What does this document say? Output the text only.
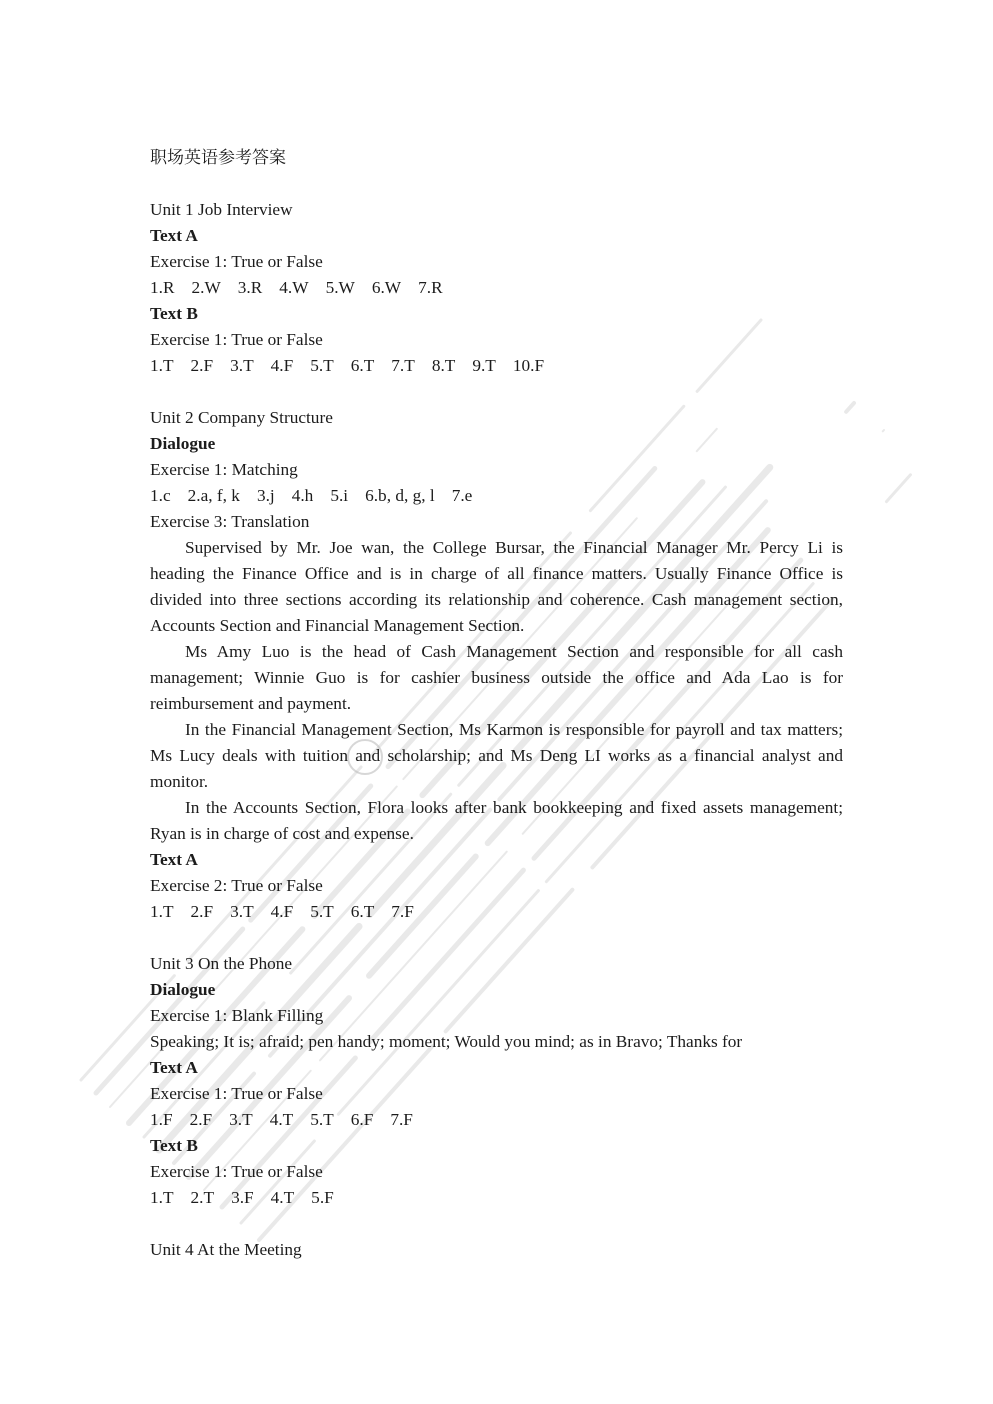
职场英语参考答案
Unit 1 Job Interview
Text A
Exercise 1: True or False
1.R 2.W 3.R 4.W 5.W 6.W 7.R
Text B
Exercise 1: True or False
1.T 2.F 3.T 4.F 5.T 6.T 7.T 8.T 9.T 10.F
Unit 2 Company Structure
Dialogue
Exercise 1: Matching
1.c 2.a, f, k 3.j 4.h 5.i 6.b, d, g, l 7.e
Exercise 3: Translation
Supervised by Mr. Joe wan, the College Bursar, the Financial Manager Mr. Percy Li is
heading the Finance Office and is in charge of all finance matters. Usually Finance Office is
divided into three sections according its relationship and coherence. Cash management section,
Accounts Section and Financial Management Section.
Ms Amy Luo is the head of Cash Management Section and responsible for all cash
management; Winnie Guo is for cashier business outside the office and Ada Lao is for
reimbursement and payment.
In the Financial Management Section, Ms Karmon is responsible for payroll and tax matters;
Ms Lucy deals with tuition and scholarship; and Ms Deng LI works as a financial analyst and
monitor.
In the Accounts Section, Flora looks after bank bookkeeping and fixed assets management;
Ryan is in charge of cost and expense.
Text A
Exercise 2: True or False
1.T 2.F 3.T 4.F 5.T 6.T 7.F
Unit 3 On the Phone
Dialogue
Exercise 1: Blank Filling
Speaking; It is; afraid; pen handy; moment; Would you mind; as in Bravo; Thanks for
Text A
Exercise 1: True or False
1.F 2.F 3.T 4.T 5.T 6.F 7.F
Text B
Exercise 1: True or False
1.T 2.T 3.F 4.T 5.F
Unit 4 At the Meeting
